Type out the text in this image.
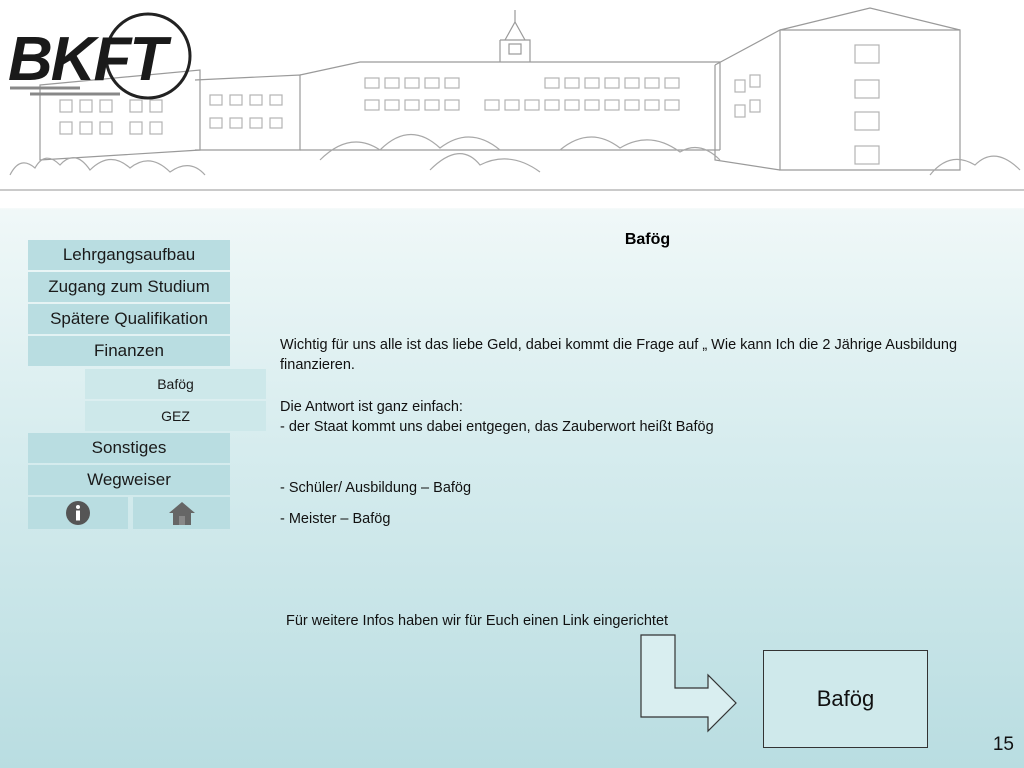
BKFT
Lehrgangsaufbau
Zugang zum Studium
Spätere Qualifikation
Finanzen
Bafög
GEZ
Sonstiges
Wegweiser
Bafög
Wichtig für uns alle ist das liebe Geld, dabei kommt die Frage auf „ Wie kann Ich die 2 Jährige Ausbildung finanzieren.
Die Antwort ist ganz einfach:
- der Staat kommt uns dabei entgegen, das Zauberwort heißt Bafög
- Schüler/ Ausbildung – Bafög
- Meister – Bafög
Für weitere Infos haben wir für Euch einen Link eingerichtet
Bafög
15
